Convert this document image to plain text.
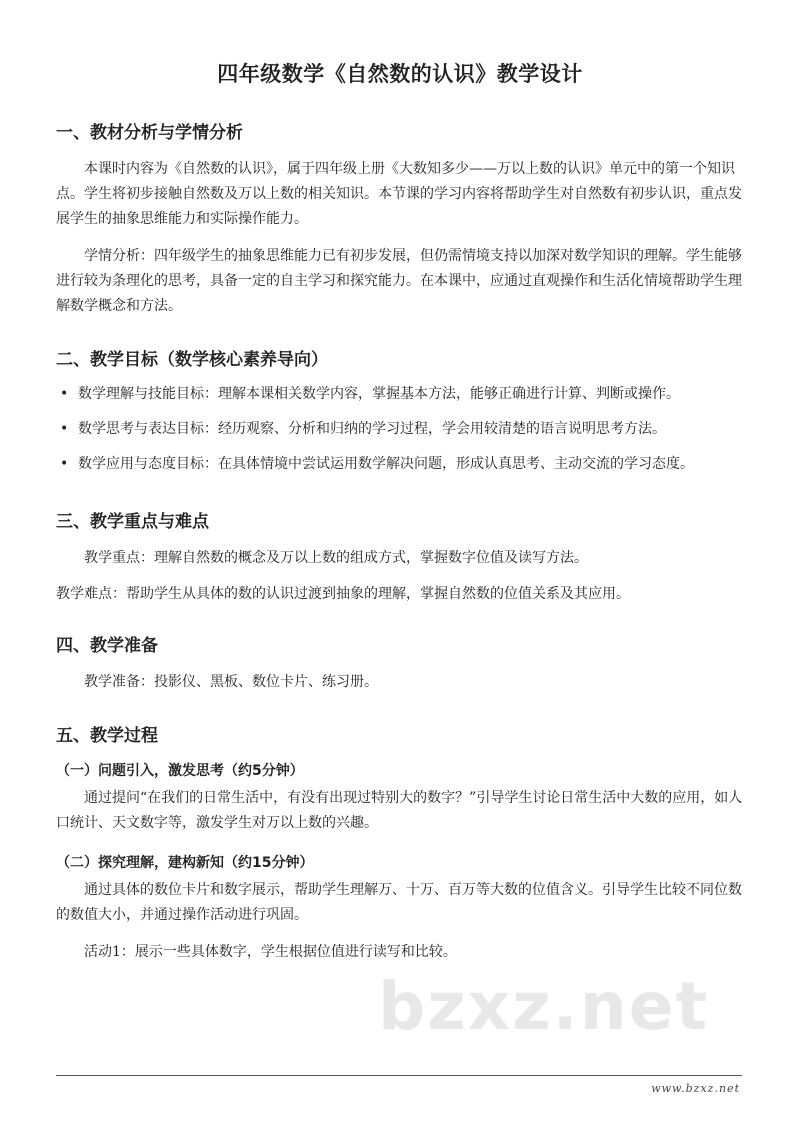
四年级数学《自然数的认识》教学设计
一、教材分析与学情分析

本课时内容为《自然数的认识》，属于四年级上册《大数知多少——万以上数的认识》单元中的第一个知识点。学生将初步接触自然数及万以上数的相关知识。本节课的学习内容将帮助学生对自然数有初步认识，重点发展学生的抽象思维能力和实际操作能力。

学情分析：四年级学生的抽象思维能力已有初步发展，但仍需情境支持以加深对数学知识的理解。学生能够进行较为条理化的思考，具备一定的自主学习和探究能力。在本课中，应通过直观操作和生活化情境帮助学生理解数学概念和方法。

二、教学目标（数学核心素养导向）
• 数学理解与技能目标：理解本课相关数学内容，掌握基本方法，能够正确进行计算、判断或操作。
• 数学思考与表达目标：经历观察、分析和归纳的学习过程，学会用较清楚的语言说明思考方法。
• 数学应用与态度目标：在具体情境中尝试运用数学解决问题，形成认真思考、主动交流的学习态度。
三、教学重点与难点

教学重点：理解自然数的概念及万以上数的组成方式，掌握数字位值及读写方法。

教学难点：帮助学生从具体的数的认识过渡到抽象的理解，掌握自然数的位值关系及其应用。

四、教学准备

教学准备：投影仪、黑板、数位卡片、练习册。

五、教学过程
（一）问题引入，激发思考（约5分钟）

通过提问“在我们的日常生活中，有没有出现过特别大的数字？”引导学生讨论日常生活中大数的应用，如人口统计、天文数字等，激发学生对万以上数的兴趣。

（二）探究理解，建构新知（约15分钟）

通过具体的数位卡片和数字展示，帮助学生理解万、十万、百万等大数的位值含义。引导学生比较不同位数的数值大小，并通过操作活动进行巩固。

活动1：展示一些具体数字，学生根据位值进行读写和比较。

bzxz.net
www.bzxz.net
